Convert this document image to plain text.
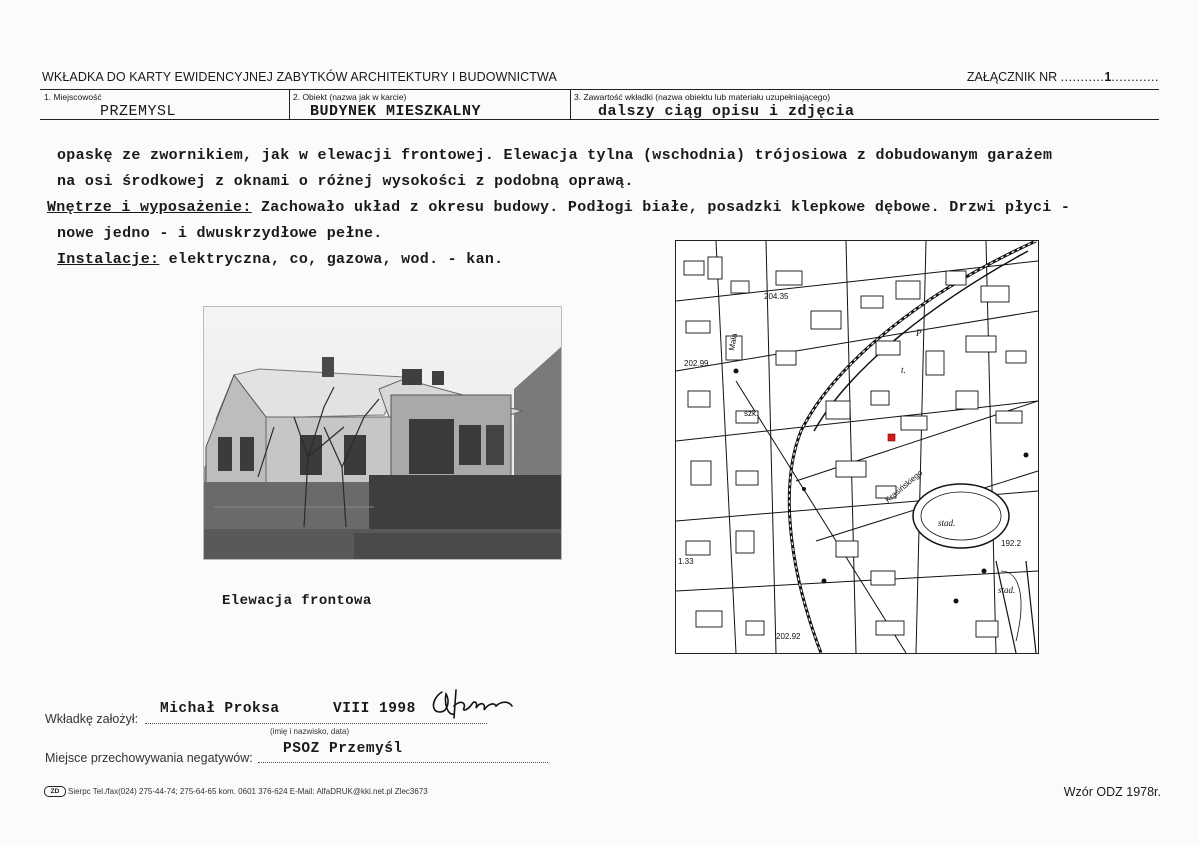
WKŁADKA DO KARTY EWIDENCYJNEJ ZABYTKÓW ARCHITEKTURY I BUDOWNICTWA	ZAŁĄCZNIK NR ...........1............
1. Miejscowość
PRZEMYSL
2. Obiekt (nazwa jak w karcie)
BUDYNEK MIESZKALNY
3. Zawartość wkładki (nazwa obiektu lub materiału uzupełniającego)
dalszy ciąg opisu i zdjęcia

opaskę ze zwornikiem, jak w elewacji frontowej. Elewacja tylna (wschodnia) trójosiowa z dobudowanym garażem

na osi środkowej z oknami o różnej wysokości z podobną oprawą.

Wnętrze i wyposażenie: Zachowało układ z okresu budowy. Podłogi białe, posadzki klepkowe dębowe. Drzwi płyci -

nowe jedno - i dwuskrzydłowe pełne.

Instalacje: elektryczna, co, gazowa, wod. - kan.

Elewacja frontowa
204.35
202.99
szk.
Mała
stad.
stad.
192.2
202.92
1.33
Krasińskiego
P
t.
Wkładkę założył:
Michał Proksa	VIII 1998
(imię i nazwisko, data)
Miejsce przechowywania negatywów:
PSOZ Przemyśl
ZD	Sierpc Tel./fax(024) 275-44-74; 275-64-65 kom. 0601 376-624 E-Mail: AlfaDRUK@kki.net.pl Zlec3673	Wzór ODZ 1978r.
